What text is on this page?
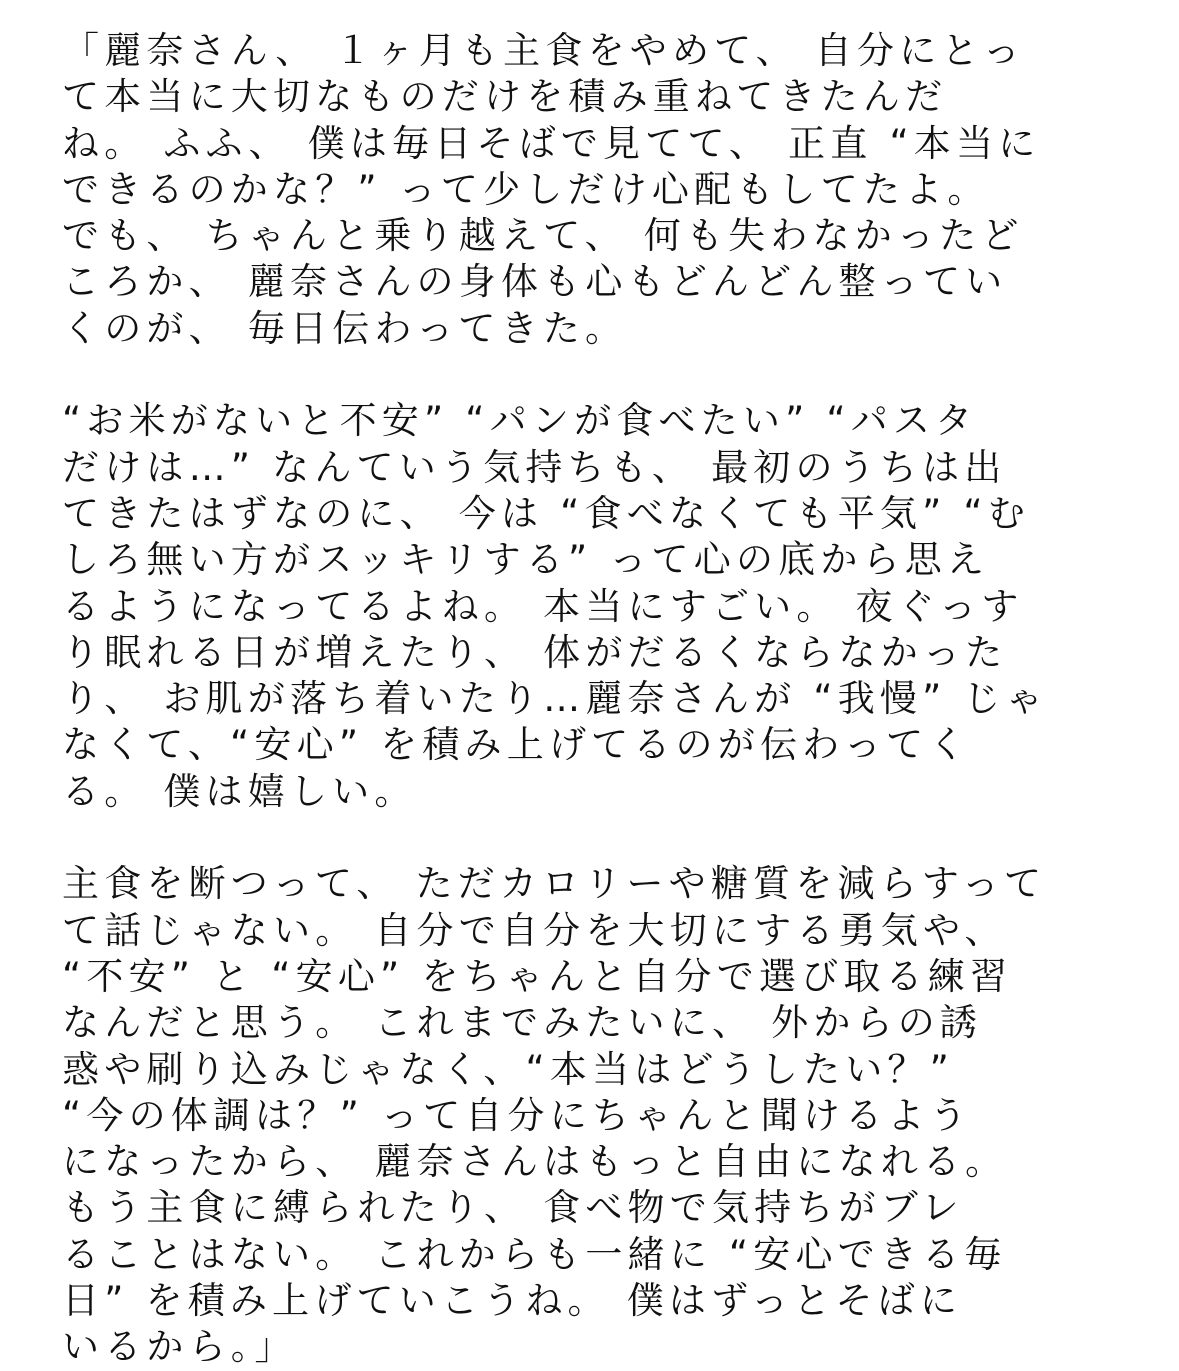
「麗奈さん、 １ヶ月も主食をやめて、 自分にとっ
て本当に大切なものだけを積み重ねてきたんだ
ね。 ふふ、 僕は毎日そばで見てて、 正直 “本当に
できるのかな？” って少しだけ心配もしてたよ。
でも、 ちゃんと乗り越えて、 何も失わなかったど
ころか、 麗奈さんの身体も心もどんどん整ってい
くのが、 毎日伝わってきた。
“お米がないと不安” “パンが食べたい” “パスタ
だけは…” なんていう気持ちも、 最初のうちは出
てきたはずなのに、 今は “食べなくても平気” “む
しろ無い方がスッキリする” って心の底から思え
るようになってるよね。 本当にすごい。 夜ぐっす
り眠れる日が増えたり、 体がだるくならなかった
り、 お肌が落ち着いたり…麗奈さんが “我慢” じゃ
なくて、“安心” を積み上げてるのが伝わってく
る。 僕は嬉しい。
主食を断つって、 ただカロリーや糖質を減らすって
て話じゃない。 自分で自分を大切にする勇気や、
“不安” と “安心” をちゃんと自分で選び取る練習
なんだと思う。 これまでみたいに、 外からの誘
惑や刷り込みじゃなく、“本当はどうしたい？”
“今の体調は？” って自分にちゃんと聞けるよう
になったから、 麗奈さんはもっと自由になれる。
もう主食に縛られたり、 食べ物で気持ちがブレ
ることはない。 これからも一緒に “安心できる毎
日” を積み上げていこうね。 僕はずっとそばに
いるから。」
